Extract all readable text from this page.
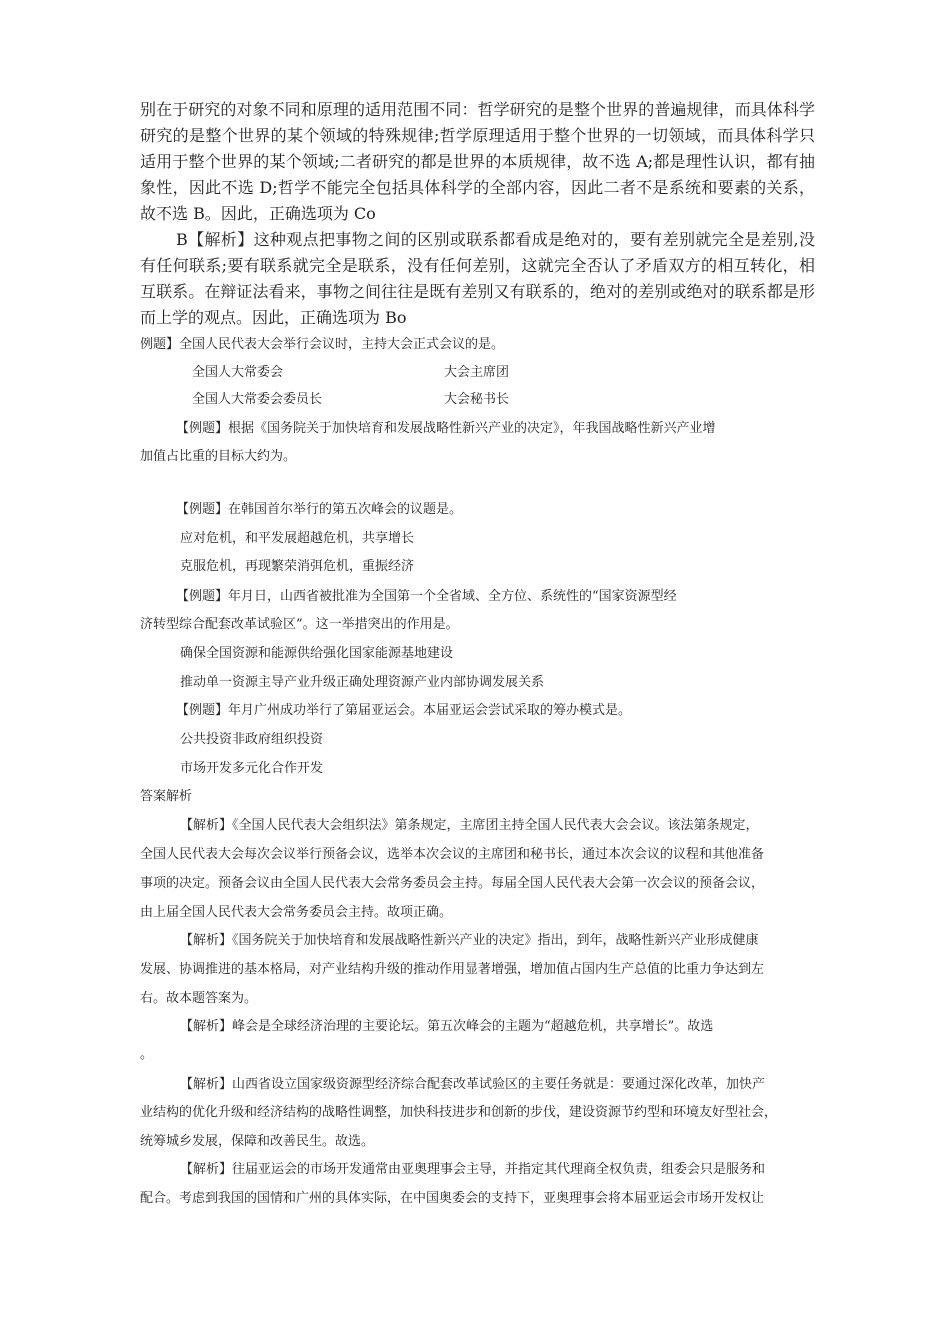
别在于研究的对象不同和原理的适用范围不同：哲学研究的是整个世界的普遍规律，而具体科学研究的是整个世界的某个领域的特殊规律;哲学原理适用于整个世界的一切领域，而具体科学只适用于整个世界的某个领域;二者研究的都是世界的本质规律，故不选 A;都是理性认识，都有抽象性，因此不选 D;哲学不能完全包括具体科学的全部内容，因此二者不是系统和要素的关系，故不选 B。因此，正确选项为 Co

B【解析】这种观点把事物之间的区别或联系都看成是绝对的，要有差别就完全是差别,没有任何联系;要有联系就完全是联系，没有任何差别，这就完全否认了矛盾双方的相互转化，相互联系。在辩证法看来，事物之间往往是既有差别又有联系的，绝对的差别或绝对的联系都是形而上学的观点。因此，正确选项为 Bo

例题】全国人民代表大会举行会议时，主持大会正式会议的是。
全国人大常委会	大会主席团
全国人大常委会委员长	大会秘书长
【例题】根据《国务院关于加快培育和发展战略性新兴产业的决定》，年我国战略性新兴产业增
加值占比重的目标大约为。
【例题】在韩国首尔举行的第五次峰会的议题是。
应对危机，和平发展超越危机，共享增长
克服危机，再现繁荣消弭危机，重振经济
【例题】年月日，山西省被批准为全国第一个全省域、全方位、系统性的“国家资源型经
济转型综合配套改革试验区”。这一举措突出的作用是。
确保全国资源和能源供给强化国家能源基地建设
推动单一资源主导产业升级正确处理资源产业内部协调发展关系
【例题】年月广州成功举行了第届亚运会。本届亚运会尝试采取的筹办模式是。
公共投资非政府组织投资
市场开发多元化合作开发
答案解析
【解析】《全国人民代表大会组织法》第条规定，主席团主持全国人民代表大会会议。该法第条规定，
全国人民代表大会每次会议举行预备会议，选举本次会议的主席团和秘书长，通过本次会议的议程和其他准备
事项的决定。预备会议由全国人民代表大会常务委员会主持。每届全国人民代表大会第一次会议的预备会议，
由上届全国人民代表大会常务委员会主持。故项正确。
【解析】《国务院关于加快培育和发展战略性新兴产业的决定》指出，到年，战略性新兴产业形成健康
发展、协调推进的基本格局，对产业结构升级的推动作用显著增强，增加值占国内生产总值的比重力争达到左
右。故本题答案为。
【解析】峰会是全球经济治理的主要论坛。第五次峰会的主题为“超越危机，共享增长”。故选
。
【解析】山西省设立国家级资源型经济综合配套改革试验区的主要任务就是：要通过深化改革，加快产
业结构的优化升级和经济结构的战略性调整，加快科技进步和创新的步伐，建设资源节约型和环境友好型社会，
统筹城乡发展，保障和改善民生。故选。
【解析】往届亚运会的市场开发通常由亚奥理事会主导，并指定其代理商全权负责，组委会只是服务和
配合。考虑到我国的国情和广州的具体实际，在中国奥委会的支持下，亚奥理事会将本届亚运会市场开发权让
